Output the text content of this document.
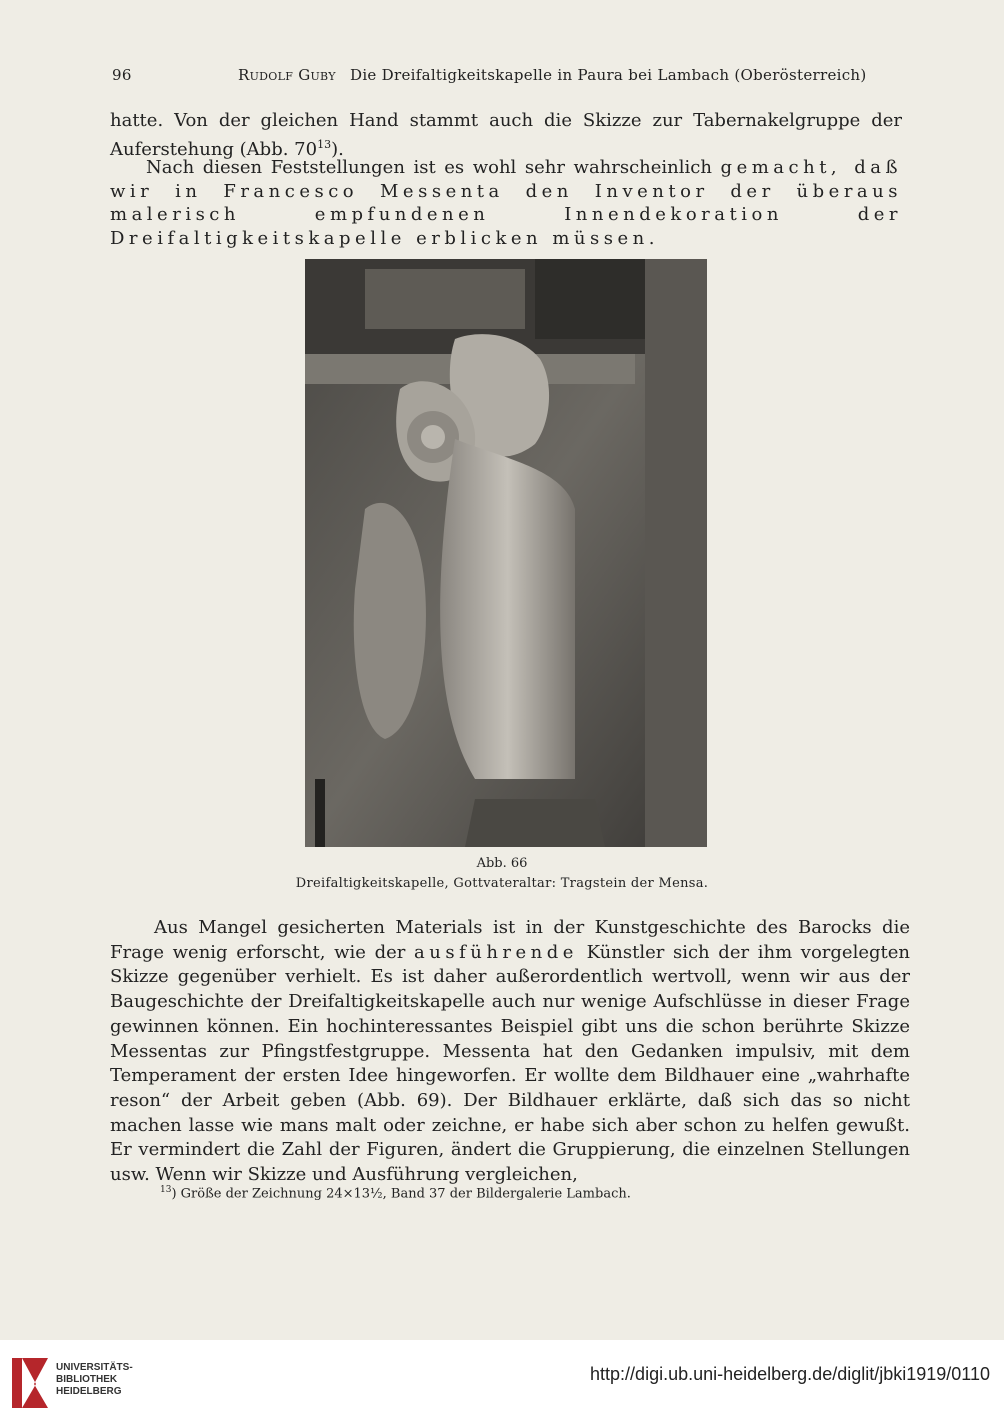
96	Rudolf Guby Die Dreifaltigkeitskapelle in Paura bei Lambach (Oberösterreich)
hatte. Von der gleichen Hand stammt auch die Skizze zur Tabernakelgruppe der Auferstehung (Abb. $70^{13}$).
Nach diesen Feststellungen ist es wohl sehr wahrscheinlich gemacht, daß wir in Francesco Messenta den Inventor der überaus malerisch empfundenen Innendekoration der Dreifaltigkeitskapelle erblicken müssen.
Abb. 66
Dreifaltigkeitskapelle, Gottvateraltar: Tragstein der Mensa.
Aus Mangel gesicherten Materials ist in der Kunstgeschichte des Barocks die Frage wenig erforscht, wie der ausführende Künstler sich der ihm vorgelegten Skizze gegenüber verhielt. Es ist daher außerordentlich wertvoll, wenn wir aus der Baugeschichte der Dreifaltigkeitskapelle auch nur wenige Aufschlüsse in dieser Frage gewinnen können. Ein hochinteressantes Beispiel gibt uns die schon berührte Skizze Messentas zur Pfingstfestgruppe. Messenta hat den Gedanken impulsiv, mit dem Temperament der ersten Idee hingeworfen. Er wollte dem Bildhauer eine „wahrhafte reson“ der Arbeit geben (Abb. 69). Der Bildhauer erklärte, daß sich das so nicht machen lasse wie mans malt oder zeichne, er habe sich aber schon zu helfen gewußt. Er vermindert die Zahl der Figuren, ändert die Gruppierung, die einzelnen Stellungen usw. Wenn wir Skizze und Ausführung vergleichen,
$^{13}$) Größe der Zeichnung 24×13½, Band 37 der Bildergalerie Lambach.
UNIVERSITÄTS-
BIBLIOTHEK
HEIDELBERG
http://digi.ub.uni-heidelberg.de/diglit/jbki1919/0110
